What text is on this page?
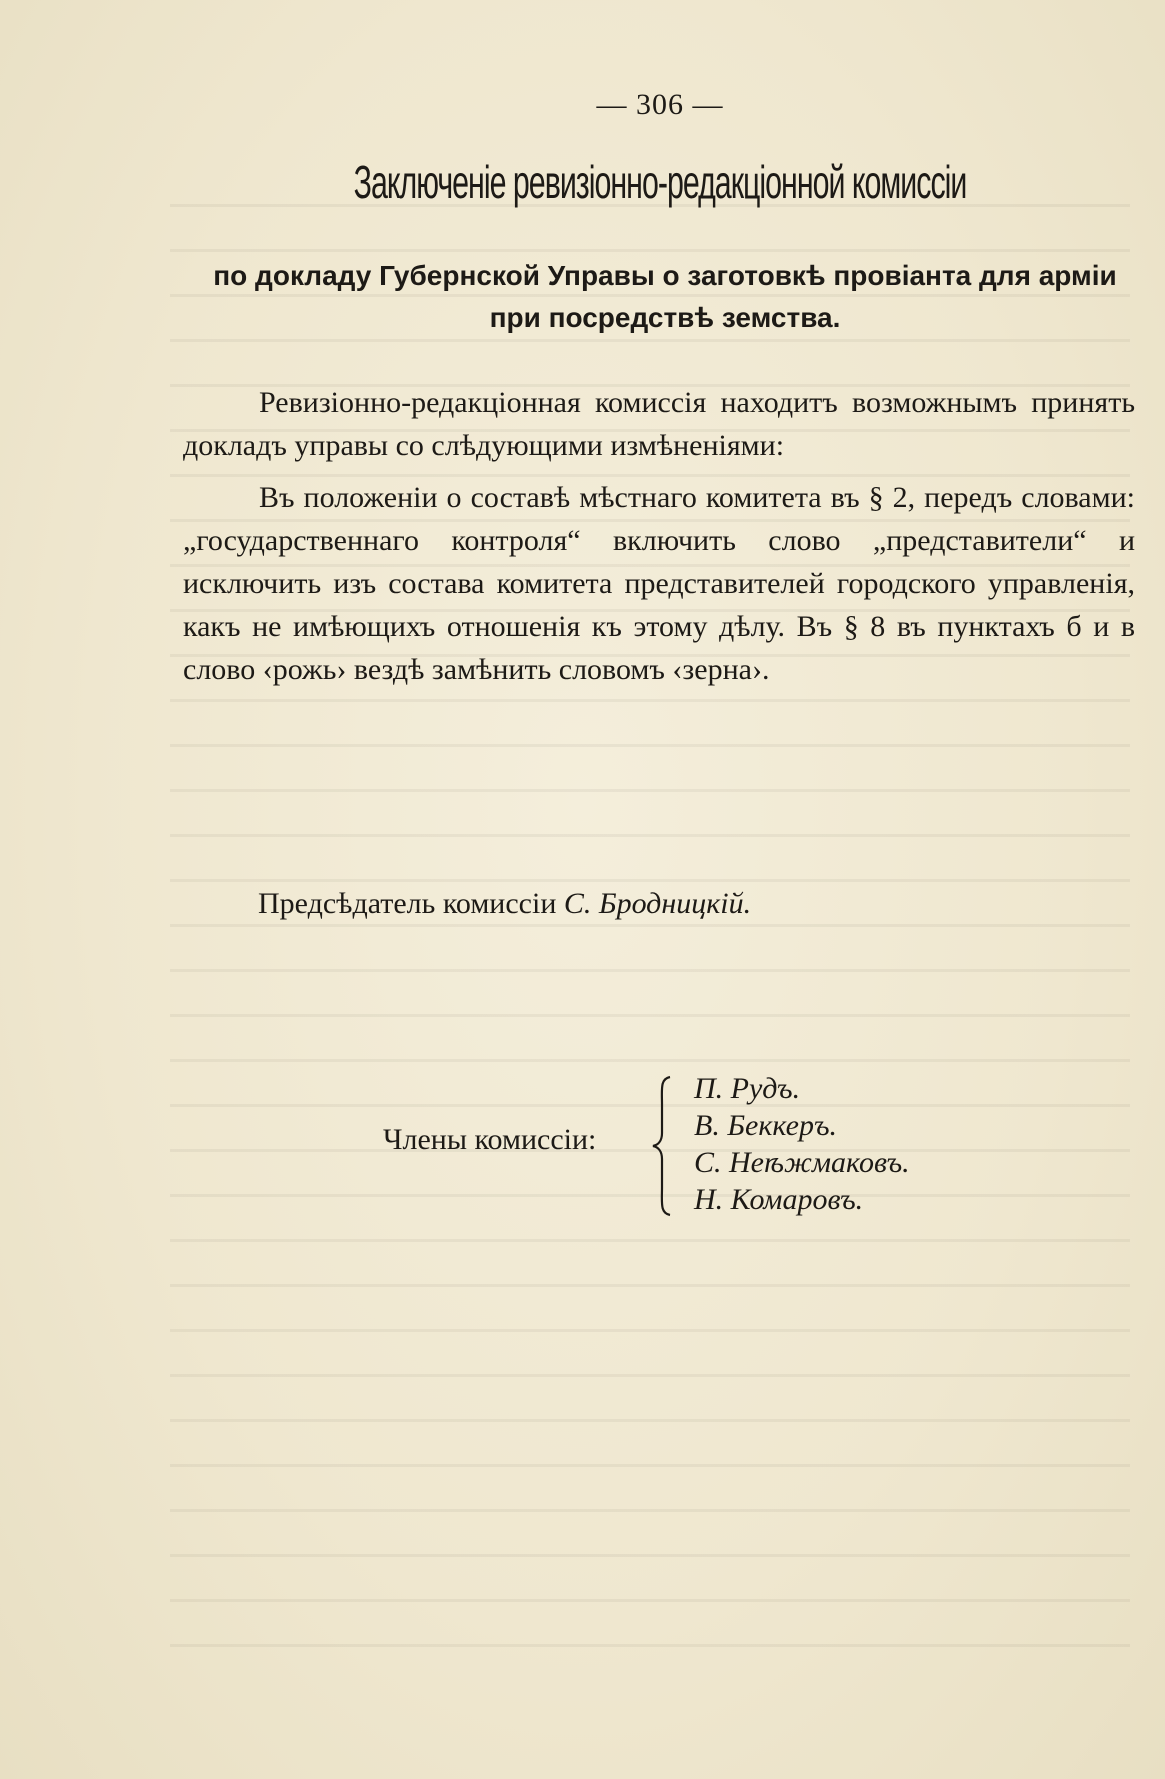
— 306 —
Заключеніе ревизіонно-редакціонной комиссіи
по докладу Губернской Управы о заготовкѣ провіанта для арміи
при посредствѣ земства.

Ревизіонно-редакціонная комиссія находитъ возможнымъ принять докладъ управы со слѣдующими измѣненіями:

Въ положеніи о составѣ мѣстнаго комитета въ § 2, передъ словами: „государственнаго контроля“ включить слово „представители“ и исключить изъ состава комитета представителей городского управленія, какъ не имѣющихъ отношенія къ этому дѣлу. Въ § 8 въ пунктахъ б и в слово ‹рожь› вездѣ замѣнить словомъ ‹зерна›.

Предсѣдатель комиссіи С. Бродницкій.
Члены комиссіи:
П. Рудъ.
В. Беккеръ.
С. Неѣжмаковъ.
Н. Комаровъ.
